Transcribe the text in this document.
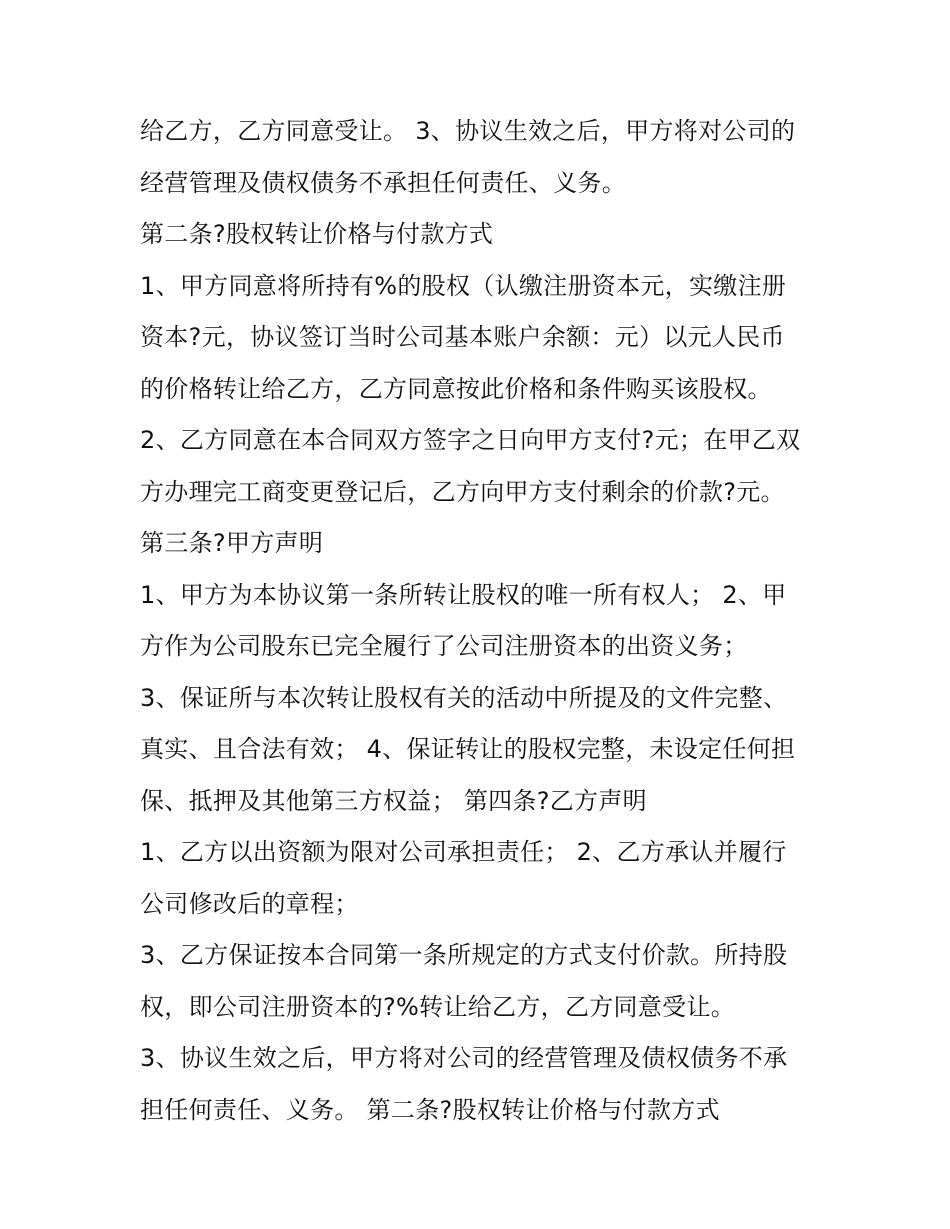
给乙方，乙方同意受让。 3、协议生效之后，甲方将对公司的
经营管理及债权债务不承担任何责任、义务。
第二条?股权转让价格与付款方式
1、甲方同意将所持有%的股权（认缴注册资本元，实缴注册
资本?元，协议签订当时公司基本账户余额：元）以元人民币
的价格转让给乙方，乙方同意按此价格和条件购买该股权。
2、乙方同意在本合同双方签字之日向甲方支付?元；在甲乙双
方办理完工商变更登记后，乙方向甲方支付剩余的价款?元。
第三条?甲方声明
1、甲方为本协议第一条所转让股权的唯一所有权人； 2、甲
方作为公司股东已完全履行了公司注册资本的出资义务；
3、保证所与本次转让股权有关的活动中所提及的文件完整、
真实、且合法有效； 4、保证转让的股权完整，未设定任何担
保、抵押及其他第三方权益； 第四条?乙方声明
1、乙方以出资额为限对公司承担责任； 2、乙方承认并履行
公司修改后的章程；
3、乙方保证按本合同第一条所规定的方式支付价款。所持股
权，即公司注册资本的?%转让给乙方，乙方同意受让。
3、协议生效之后，甲方将对公司的经营管理及债权债务不承
担任何责任、义务。 第二条?股权转让价格与付款方式
